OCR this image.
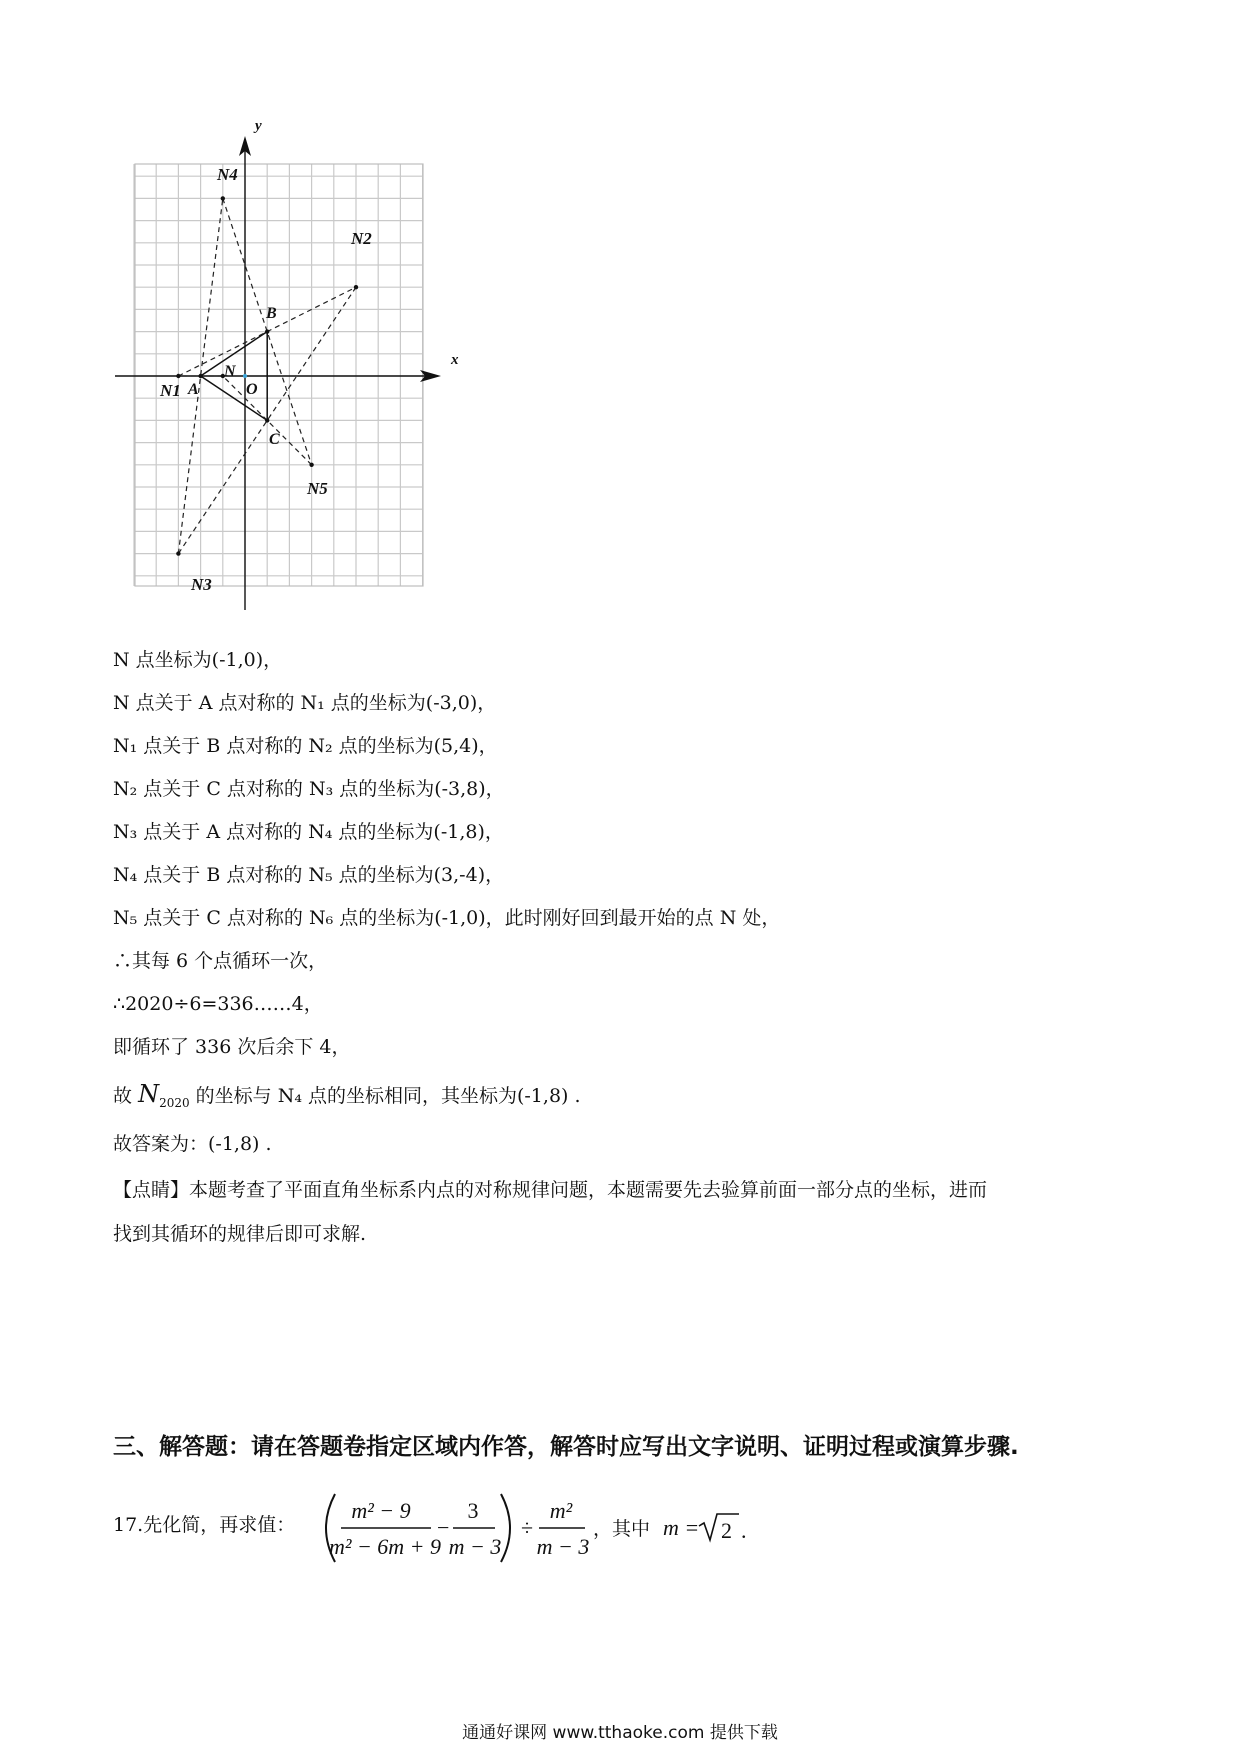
y
x
N4
N2
B
N
A	O
N1
C
N5
N3
N 点坐标为(-1,0)，
N 点关于 A 点对称的 N₁ 点的坐标为(-3,0)，
N₁ 点关于 B 点对称的 N₂ 点的坐标为(5,4)，
N₂ 点关于 C 点对称的 N₃ 点的坐标为(-3,8)，
N₃ 点关于 A 点对称的 N₄ 点的坐标为(-1,8)，
N₄ 点关于 B 点对称的 N₅ 点的坐标为(3,-4)，
N₅ 点关于 C 点对称的 N₆ 点的坐标为(-1,0)，此时刚好回到最开始的点 N 处，
∴其每 6 个点循环一次，
∴2020÷6=336……4，
即循环了 336 次后余下 4，
故 $N_{2020}$ 的坐标与 N₄ 点的坐标相同，其坐标为(-1,8) .
故答案为：(-1,8) .
【点睛】本题考查了平面直角坐标系内点的对称规律问题，本题需要先去验算前面一部分点的坐标，进而
找到其循环的规律后即可求解.
三、解答题：请在答题卷指定区域内作答，解答时应写出文字说明、证明过程或演算步骤.
17.先化简，再求值：
m² − 9
m² − 6m + 9
−
3
m − 3
÷
m²
m − 3
，其中 m = 2 .
通通好课网 www.tthaoke.com 提供下载
